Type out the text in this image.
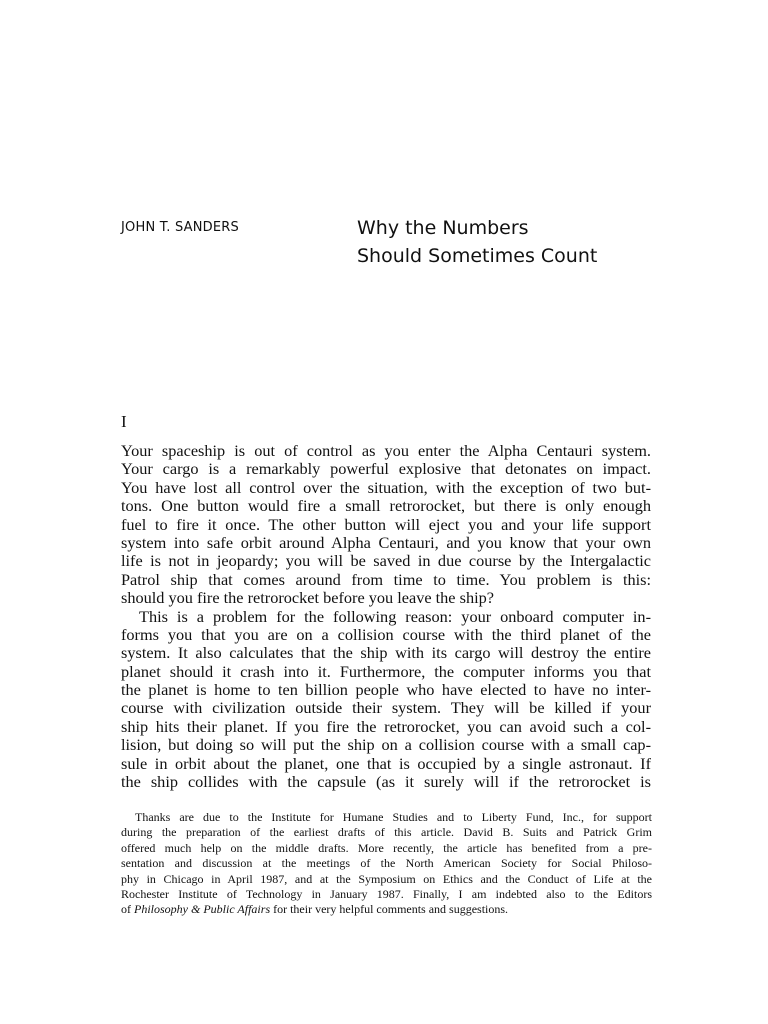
JOHN T. SANDERS	Why the Numbers
Should Sometimes Count
I
Your spaceship is out of control as you enter the Alpha Centauri system.
Your cargo is a remarkably powerful explosive that detonates on impact.
You have lost all control over the situation, with the exception of two but-
tons. One button would fire a small retrorocket, but there is only enough
fuel to fire it once. The other button will eject you and your life support
system into safe orbit around Alpha Centauri, and you know that your own
life is not in jeopardy; you will be saved in due course by the Intergalactic
Patrol ship that comes around from time to time. You problem is this:
should you fire the retrorocket before you leave the ship?
This is a problem for the following reason: your onboard computer in-
forms you that you are on a collision course with the third planet of the
system. It also calculates that the ship with its cargo will destroy the entire
planet should it crash into it. Furthermore, the computer informs you that
the planet is home to ten billion people who have elected to have no inter-
course with civilization outside their system. They will be killed if your
ship hits their planet. If you fire the retrorocket, you can avoid such a col-
lision, but doing so will put the ship on a collision course with a small cap-
sule in orbit about the planet, one that is occupied by a single astronaut. If
the ship collides with the capsule (as it surely will if the retrorocket is
Thanks are due to the Institute for Humane Studies and to Liberty Fund, Inc., for support
during the preparation of the earliest drafts of this article. David B. Suits and Patrick Grim
offered much help on the middle drafts. More recently, the article has benefited from a pre-
sentation and discussion at the meetings of the North American Society for Social Philoso-
phy in Chicago in April 1987, and at the Symposium on Ethics and the Conduct of Life at the
Rochester Institute of Technology in January 1987. Finally, I am indebted also to the Editors
of Philosophy & Public Affairs for their very helpful comments and suggestions.
